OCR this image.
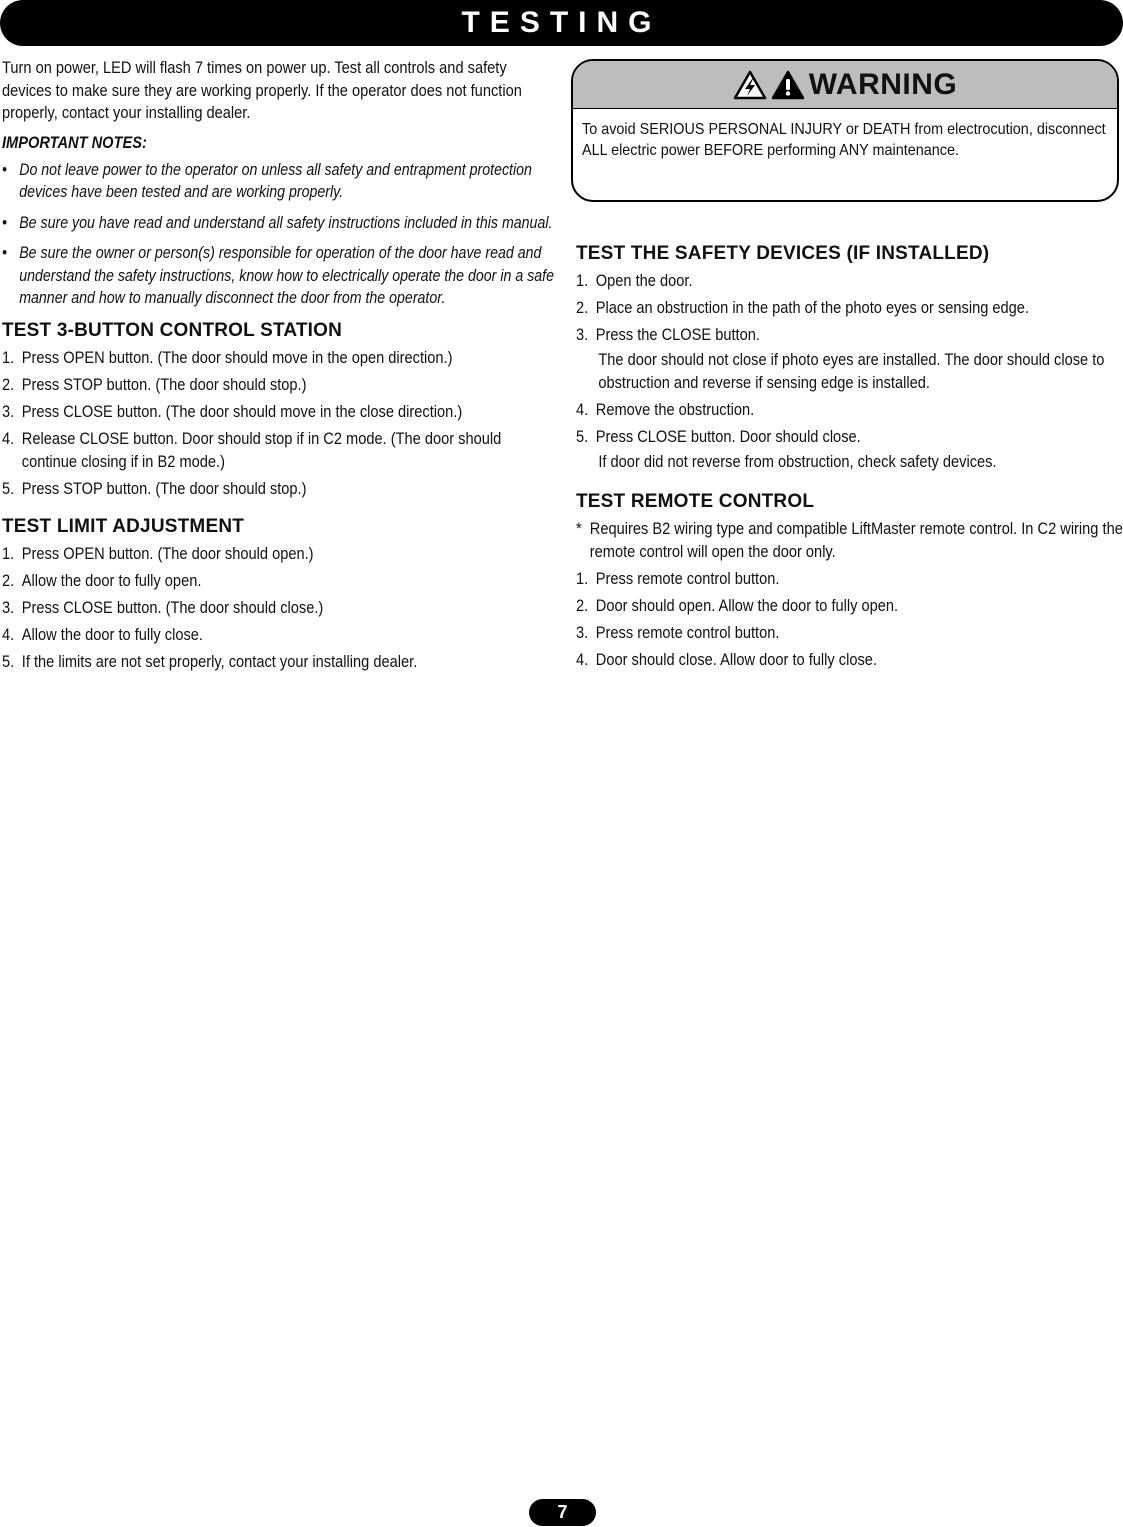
TESTING

Turn on power, LED will flash 7 times on power up. Test all controls and safety devices to make sure they are working properly. If the operator does not function properly, contact your installing dealer.

IMPORTANT NOTES:
• Do not leave power to the operator on unless all safety and entrapment protection devices have been tested and are working properly.
• Be sure you have read and understand all safety instructions included in this manual.
• Be sure the owner or person(s) responsible for operation of the door have read and understand the safety instructions, know how to electrically operate the door in a safe manner and how to manually disconnect the door from the operator.
TEST 3-BUTTON CONTROL STATION
1. Press OPEN button. (The door should move in the open direction.)
2. Press STOP button. (The door should stop.)
3. Press CLOSE button. (The door should move in the close direction.)
4. Release CLOSE button. Door should stop if in C2 mode. (The door should continue closing if in B2 mode.)
5. Press STOP button. (The door should stop.)
TEST LIMIT ADJUSTMENT
1. Press OPEN button. (The door should open.)
2. Allow the door to fully open.
3. Press CLOSE button. (The door should close.)
4. Allow the door to fully close.
5. If the limits are not set properly, contact your installing dealer.
WARNING
To avoid SERIOUS PERSONAL INJURY or DEATH from electrocution, disconnect ALL electric power BEFORE performing ANY maintenance.
TEST THE SAFETY DEVICES (IF INSTALLED)
1. Open the door.
2. Place an obstruction in the path of the photo eyes or sensing edge.
3. Press the CLOSE button.
The door should not close if photo eyes are installed. The door should close to obstruction and reverse if sensing edge is installed.
4. Remove the obstruction.
5. Press CLOSE button. Door should close.
If door did not reverse from obstruction, check safety devices.
TEST REMOTE CONTROL
* Requires B2 wiring type and compatible LiftMaster remote control. In C2 wiring the remote control will open the door only.
1. Press remote control button.
2. Door should open. Allow the door to fully open.
3. Press remote control button.
4. Door should close. Allow door to fully close.
7
